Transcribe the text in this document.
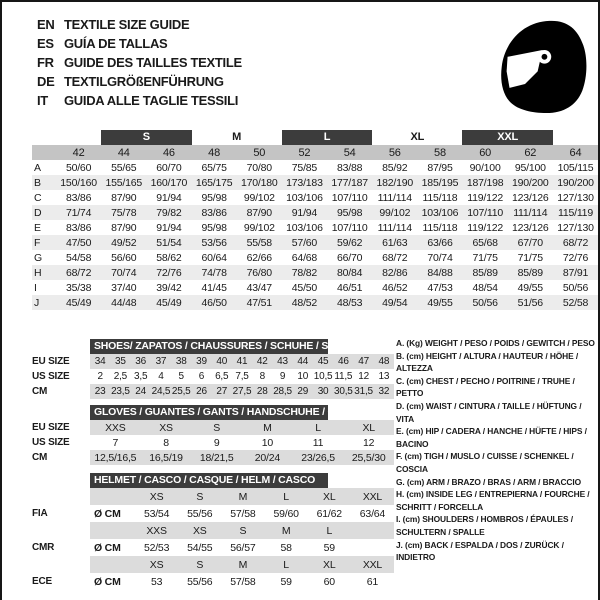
EN TEXTILE SIZE GUIDE
ES GUÍA DE TALLAS
FR GUIDE DES TAILLES TEXTILE
DE TEXTILGRÖßENFÜHRUNG
IT	GUIDA ALLE TAGLIE TESSILI
S	M	L	XL	XXL
42	44	46	48	50	52	54	56	58	60	62	64
A	50/60	55/65	60/70	65/75	70/80	75/85	83/88	85/92	87/95	90/100	95/100	105/115
B	150/160 155/165 160/170 165/175 170/180 173/183 177/187 182/190 185/195 187/198 190/200 190/200
C	83/86	87/90	91/94	95/98	99/102	103/106 107/110 111/114	115/118 119/122 123/126 127/130
D	71/74	75/78	79/82	83/86	87/90	91/94	95/98	99/102	103/106 107/110 111/114	115/119
E	83/86	87/90	91/94	95/98	99/102	103/106 107/110 111/114	115/118 119/122 123/126 127/130
F	47/50	49/52	51/54	53/56	55/58	57/60	59/62	61/63	63/66	65/68	67/70	68/72
G	54/58	56/60	58/62	60/64	62/66	64/68	66/70	68/72	70/74	71/75	71/75	72/76
H	68/72	70/74	72/76	74/78	76/80	78/82	80/84	82/86	84/88	85/89	85/89	87/91
I	35/38	37/40	39/42	41/45	43/47	45/50	46/51	46/52	47/53	48/54	49/55	50/56
J	45/49	44/48	45/49	46/50	47/51	48/52	48/53	49/54	49/55	50/56	51/56	52/58
SHOES/ ZAPATOS / CHAUSSURES / SCHUHE / SCARPE
EU SIZE	34 35 36 37 38 39 40 41 42 43 44 45 46 47 48
US SIZE	2	2,5 3,5	4	5	6	6,5 7,5	8	9	10 10,5 11,5 12 13
CM	23 23,5 24 24,5 25,5 26 27 27,5 28 28,5 29 30 30,5 31,5 32
GLOVES / GUANTES / GANTS / HANDSCHUHE / GUANTI
EU SIZE	XXS	XS	S	M	L	XL
US SIZE	7	8	9	10	11	12
CM	12,5/16,5	16,5/19	18/21,5	20/24	23/26,5	25,5/30
HELMET / CASCO / CASQUE / HELM / CASCO
XS	S	M	L	XL	XXL
FIA	Ø CM	53/54	55/56	57/58	59/60	61/62	63/64
XXS	XS	S	M	L
CMR	Ø CM	52/53	54/55	56/57	58	59
XS	S	M	L	XL	XXL
ECE	Ø CM	53	55/56	57/58	59	60	61
A. (Kg) WEIGHT / PESO / POIDS / GEWITCH / PESO
B. (cm) HEIGHT / ALTURA / HAUTEUR / HÖHE / ALTEZZA
C. (cm) CHEST / PECHO / POITRINE / TRUHE / PETTO
D. (cm) WAIST / CINTURA / TAILLE / HÜFTUNG / VITA
E. (cm) HIP / CADERA / HANCHE / HÜFTE / HIPS / BACINO
F. (cm) TIGH / MUSLO / CUISSE / SCHENKEL / COSCIA
G. (cm) ARM / BRAZO / BRAS / ARM / BRACCIO
H. (cm) INSIDE LEG / ENTREPIERNA / FOURCHE / SCHRITT / FORCELLA
I. (cm) SHOULDERS / HOMBROS / ÉPAULES / SCHULTERN / SPALLE
J. (cm) BACK / ESPALDA / DOS / ZURÜCK / INDIETRO
